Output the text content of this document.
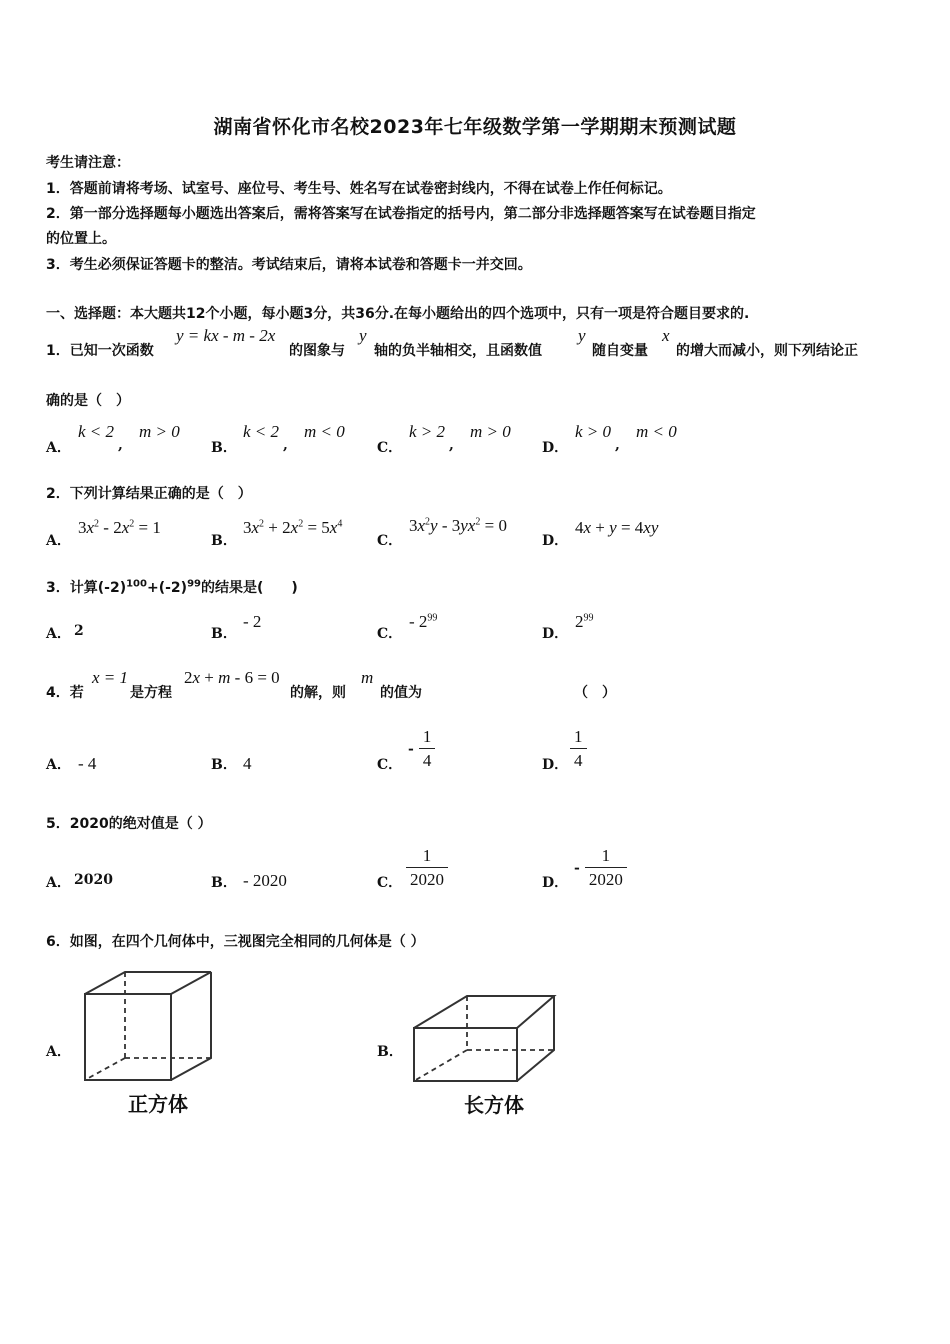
湖南省怀化市名校2023年七年级数学第一学期期末预测试题
考生请注意：
1．答题前请将考场、试室号、座位号、考生号、姓名写在试卷密封线内，不得在试卷上作任何标记。
2．第一部分选择题每小题选出答案后，需将答案写在试卷指定的括号内，第二部分非选择题答案写在试卷题目指定
的位置上。
3．考生必须保证答题卡的整洁。考试结束后，请将本试卷和答题卡一并交回。
一、选择题：本大题共12个小题，每小题3分，共36分.在每小题给出的四个选项中，只有一项是符合题目要求的.
1．已知一次函数
y = kx - m - 2x
的图象与
y
轴的负半轴相交，且函数值
y
随自变量
x
的增大而减小，则下列结论正
确的是（　）
A．
k < 2
,
m > 0
B．
k < 2
,
m < 0
C．
k > 2
,
m > 0
D．
k > 0
,
m < 0
2．下列计算结果正确的是（　）
A．
$3x^2 - 2x^2 = 1$
B．
$3x^2 + 2x^2 = 5x^4$
C．
$3x^2y - 3yx^2 = 0$
D．
4x + y = 4xy
3．计算$(-2)^{100}+(-2)^{99}$的结果是(　　)
A． 2	B．
- 2
C．
- $2^{99}$
D．
$2^{99}$
4．若
x = 1
是方程
2x + m - 6 = 0
的解，则
m
的值为	（　）
A． - 4	B． 4	C．
- $\frac{1}{4}$	D． $\frac{1}{4}$
5．2020的绝对值是（ ）
A． 2020	B． - 2020	C． $\frac{1}{2020}$	D．
- $\frac{1}{2020}$
6．如图，在四个几何体中，三视图完全相同的几何体是（ ）
A．
正方体
B．
长方体
